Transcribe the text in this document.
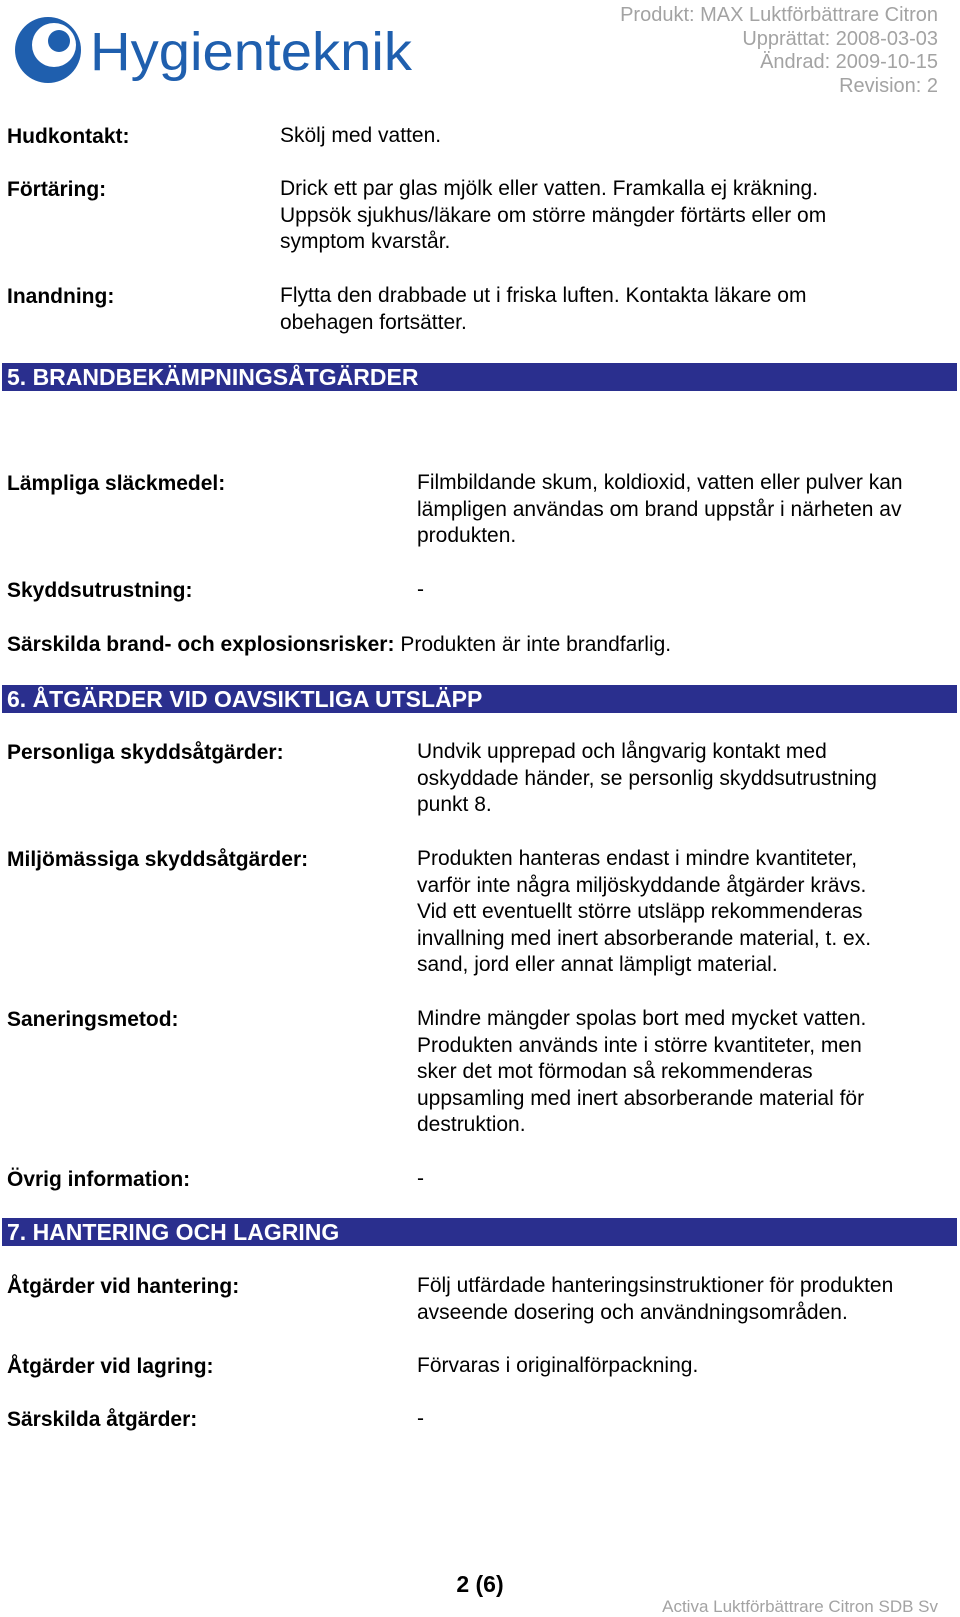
Hygienteknik
Produkt: MAX Luktförbättrare Citron
Upprättat: 2008-03-03
Ändrad: 2009-10-15
Revision: 2
Hudkontakt:	Skölj med vatten.
Förtäring:	Drick ett par glas mjölk eller vatten. Framkalla ej kräkning.
Uppsök sjukhus/läkare om större mängder förtärts eller om
symptom kvarstår.
Inandning:	Flytta den drabbade ut i friska luften. Kontakta läkare om
obehagen fortsätter.
5. BRANDBEKÄMPNINGSÅTGÄRDER
Lämpliga släckmedel:	Filmbildande skum, koldioxid, vatten eller pulver kan
lämpligen användas om brand uppstår i närheten av
produkten.
Skyddsutrustning:	-
Särskilda brand- och explosionsrisker: Produkten är inte brandfarlig.
6. ÅTGÄRDER VID OAVSIKTLIGA UTSLÄPP
Personliga skyddsåtgärder:	Undvik upprepad och långvarig kontakt med
oskyddade händer, se personlig skyddsutrustning
punkt 8.
Miljömässiga skyddsåtgärder:	Produkten hanteras endast i mindre kvantiteter,
varför inte några miljöskyddande åtgärder krävs.
Vid ett eventuellt större utsläpp rekommenderas
invallning med inert absorberande material, t. ex.
sand, jord eller annat lämpligt material.
Saneringsmetod:	Mindre mängder spolas bort med mycket vatten.
Produkten används inte i större kvantiteter, men
sker det mot förmodan så rekommenderas
uppsamling med inert absorberande material för
destruktion.
Övrig information:	-
7. HANTERING OCH LAGRING
Åtgärder vid hantering:	Följ utfärdade hanteringsinstruktioner för produkten
avseende dosering och användningsområden.
Åtgärder vid lagring:	Förvaras i originalförpackning.
Särskilda åtgärder:	-
2 (6)
Activa Luktförbättrare Citron SDB Sv
